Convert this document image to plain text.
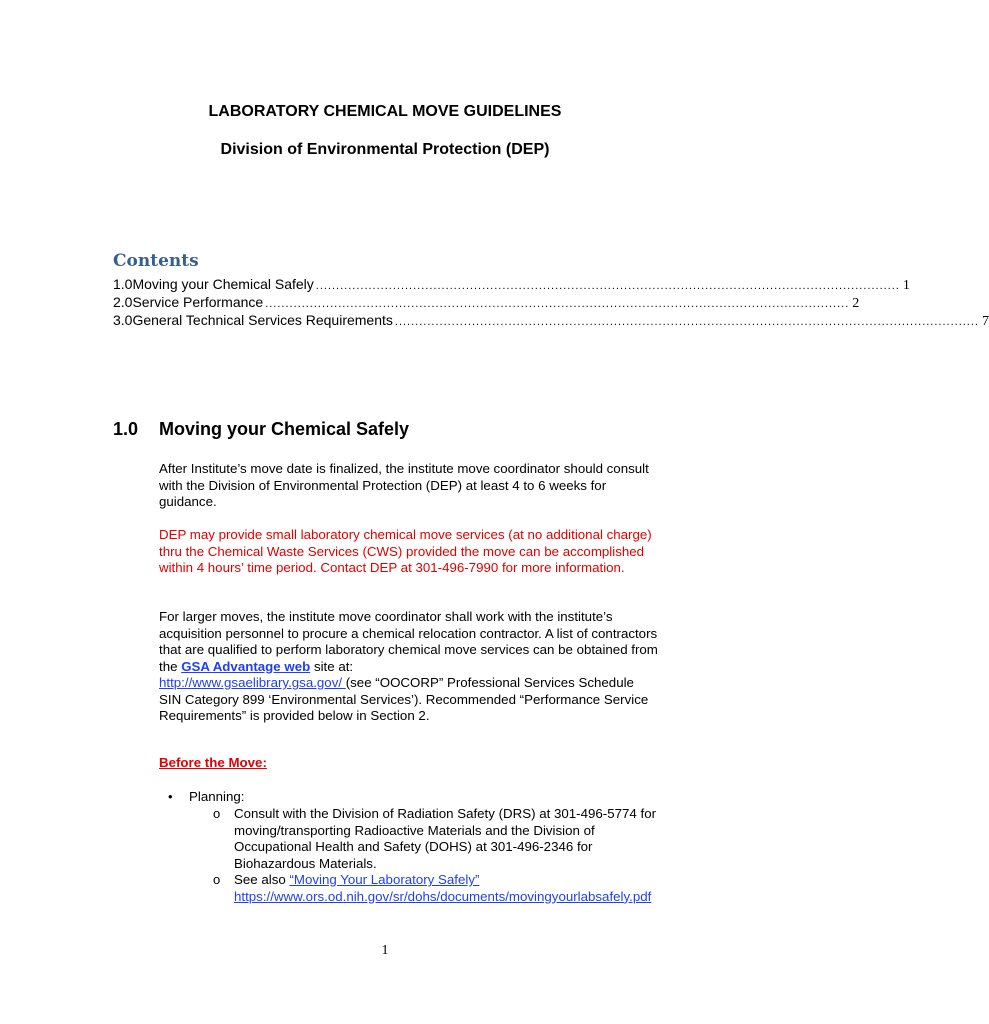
LABORATORY CHEMICAL MOVE GUIDELINES
Division of Environmental Protection (DEP)
Contents
1.0 Moving your Chemical Safely ................................................................................................................................................ 1
2.0 Service Performance ................................................................................................................................................ 2
3.0 General Technical Services Requirements ................................................................................................................................................ 7
1.0 Moving your Chemical Safely
After Institute’s move date is finalized, the institute move coordinator should consult with the Division of Environmental Protection (DEP) at least 4 to 6 weeks for guidance.
DEP may provide small laboratory chemical move services (at no additional charge) thru the Chemical Waste Services (CWS) provided the move can be accomplished within 4 hours’ time period. Contact DEP at 301-496-7990 for more information.
For larger moves, the institute move coordinator shall work with the institute’s acquisition personnel to procure a chemical relocation contractor. A list of contractors that are qualified to perform laboratory chemical move services can be obtained from the GSA Advantage web site at:
http://www.gsaelibrary.gsa.gov/ (see “OOCORP” Professional Services Schedule SIN Category 899 ‘Environmental Services’). Recommended “Performance Service Requirements” is provided below in Section 2.
Before the Move:
• Planning:
o Consult with the Division of Radiation Safety (DRS) at 301-496-5774 for moving/transporting Radioactive Materials and the Division of Occupational Health and Safety (DOHS) at 301-496-2346 for Biohazardous Materials.
o See also “Moving Your Laboratory Safely”
https://www.ors.od.nih.gov/sr/dohs/documents/movingyourlabsafely.pdf
1
